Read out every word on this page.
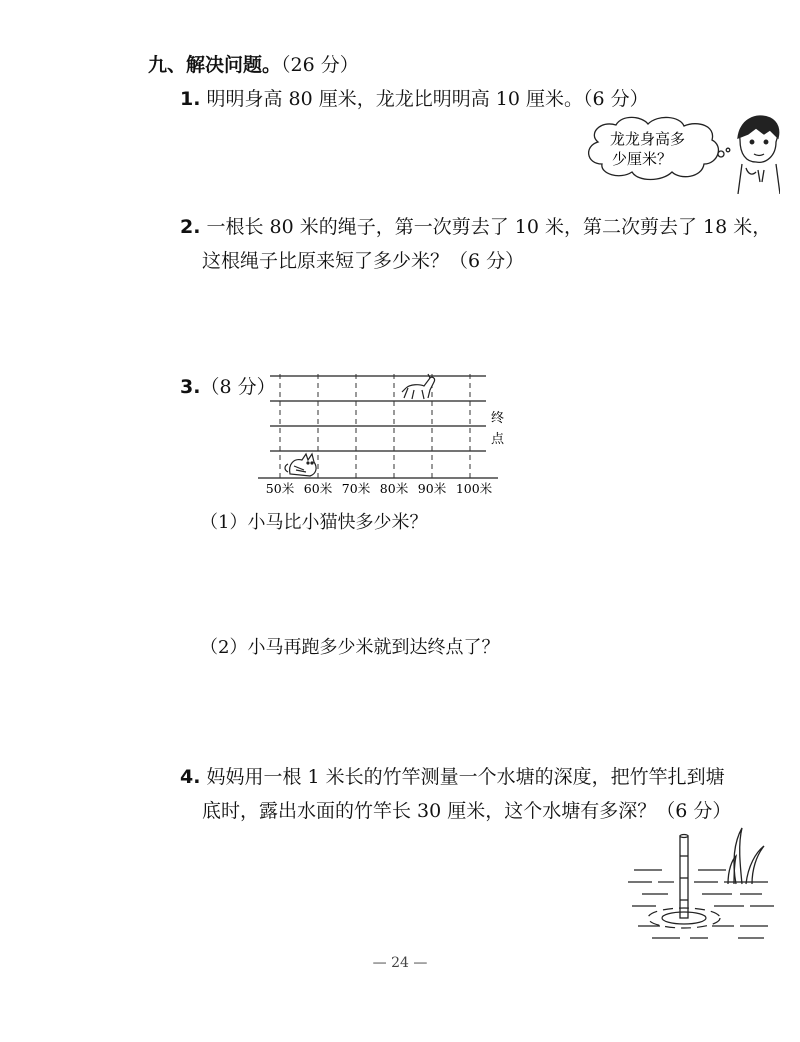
九、解决问题。（26 分）
1. 明明身高 80 厘米，龙龙比明明高 10 厘米。（6 分）
龙龙身高多
少厘米？
2. 一根长 80 米的绳子，第一次剪去了 10 米，第二次剪去了 18 米，
这根绳子比原来短了多少米？（6 分）
3.（8 分）
终
点
50米 60米 70米 80米 90米 100米
（1）小马比小猫快多少米？
（2）小马再跑多少米就到达终点了？
4. 妈妈用一根 1 米长的竹竿测量一个水塘的深度，把竹竿扎到塘
底时，露出水面的竹竿长 30 厘米，这个水塘有多深？（6 分）
— 24 —
